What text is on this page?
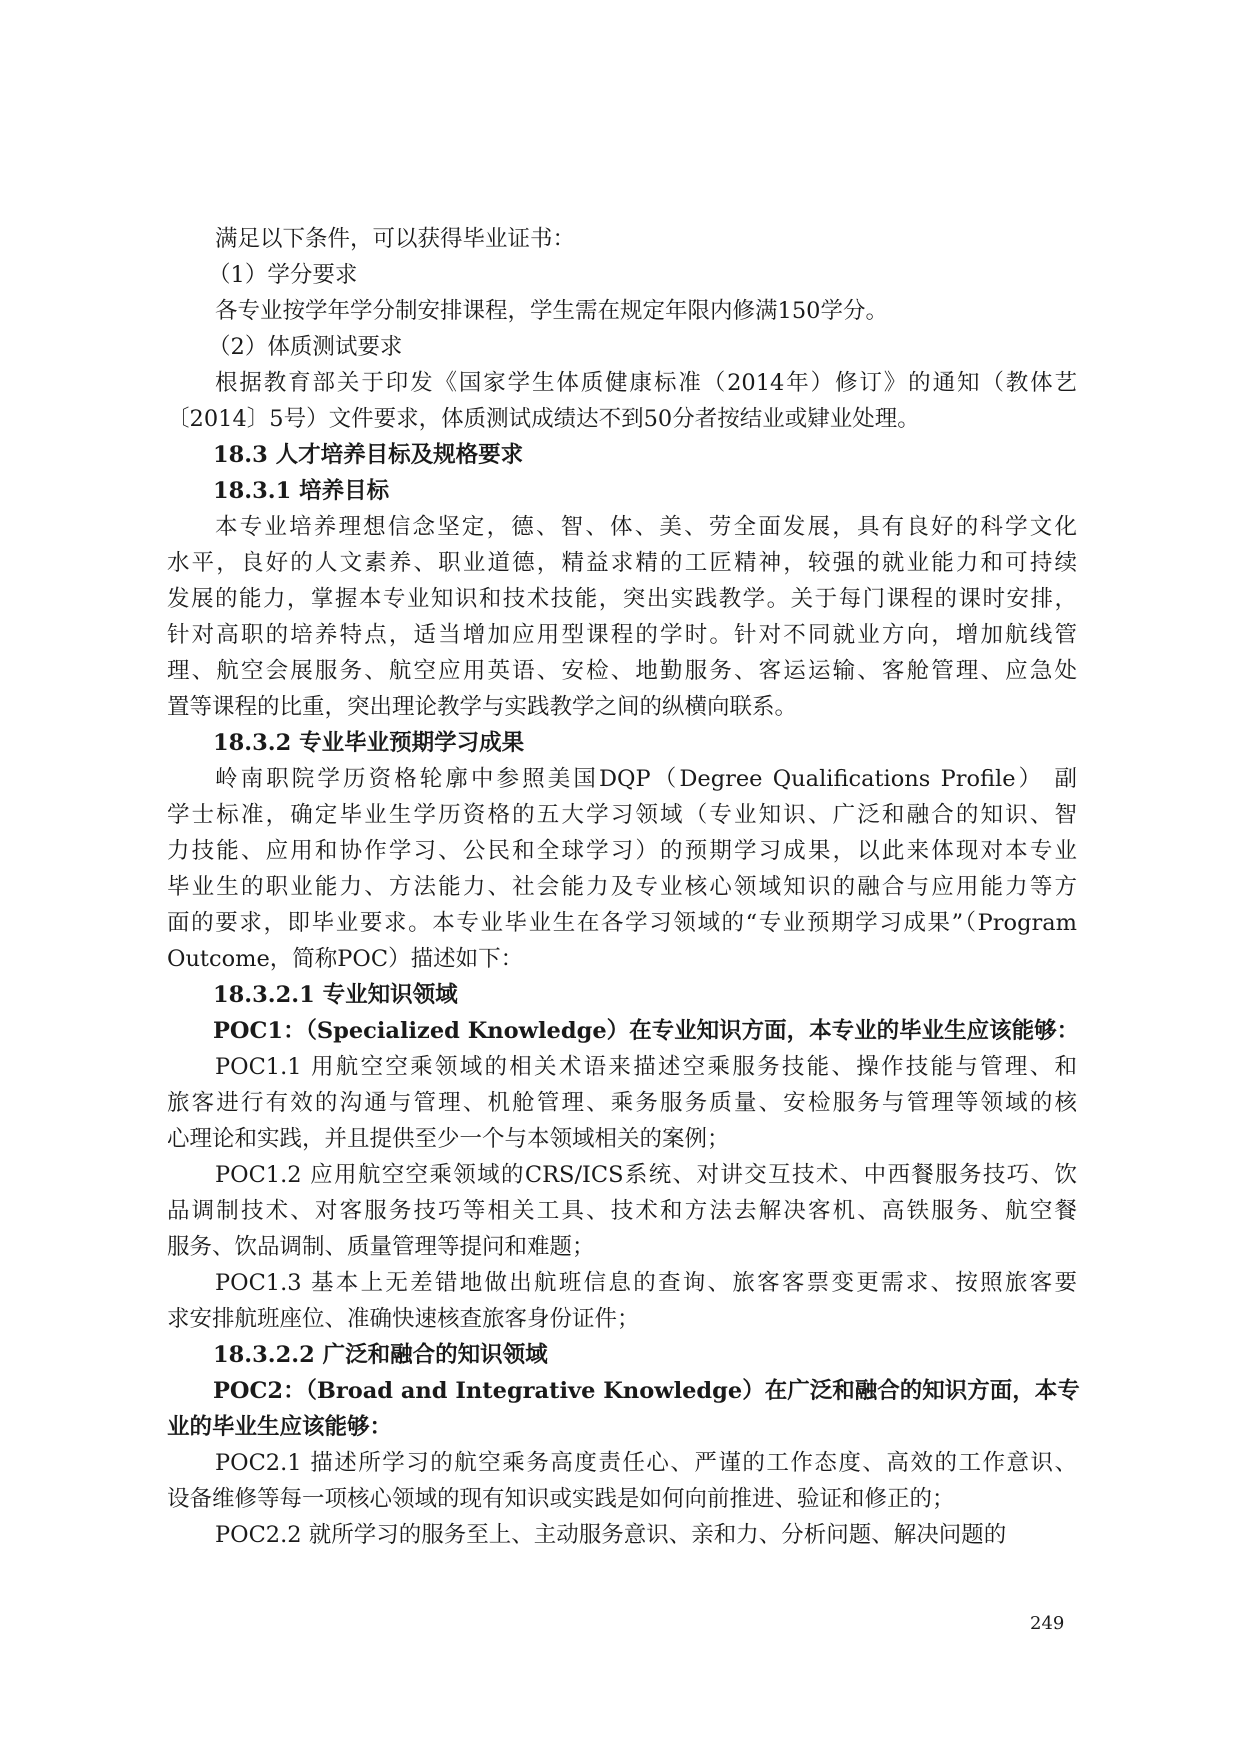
满足以下条件，可以获得毕业证书：
（1）学分要求
各专业按学年学分制安排课程，学生需在规定年限内修满150学分。
（2）体质测试要求
根据教育部关于印发《国家学生体质健康标准（2014年）修订》的通知（教体艺
〔2014〕5号）文件要求，体质测试成绩达不到50分者按结业或肄业处理。
18.3 人才培养目标及规格要求
18.3.1 培养目标
本专业培养理想信念坚定，德、智、体、美、劳全面发展，具有良好的科学文化
水平，良好的人文素养、职业道德，精益求精的工匠精神，较强的就业能力和可持续
发展的能力，掌握本专业知识和技术技能，突出实践教学。关于每门课程的课时安排，
针对高职的培养特点，适当增加应用型课程的学时。针对不同就业方向，增加航线管
理、航空会展服务、航空应用英语、安检、地勤服务、客运运输、客舱管理、应急处
置等课程的比重，突出理论教学与实践教学之间的纵横向联系。
18.3.2 专业毕业预期学习成果
岭南职院学历资格轮廓中参照美国DQP（Degree Qualifications Profile） 副
学士标准，确定毕业生学历资格的五大学习领域（专业知识、广泛和融合的知识、智
力技能、应用和协作学习、公民和全球学习）的预期学习成果，以此来体现对本专业
毕业生的职业能力、方法能力、社会能力及专业核心领域知识的融合与应用能力等方
面的要求，即毕业要求。本专业毕业生在各学习领域的“专业预期学习成果”（Program
Outcome，简称POC）描述如下：
18.3.2.1 专业知识领域
POC1：（Specialized Knowledge）在专业知识方面，本专业的毕业生应该能够：
POC1.1 用航空空乘领域的相关术语来描述空乘服务技能、操作技能与管理、和
旅客进行有效的沟通与管理、机舱管理、乘务服务质量、安检服务与管理等领域的核
心理论和实践，并且提供至少一个与本领域相关的案例；
POC1.2 应用航空空乘领域的CRS/ICS系统、对讲交互技术、中西餐服务技巧、饮
品调制技术、对客服务技巧等相关工具、技术和方法去解决客机、高铁服务、航空餐
服务、饮品调制、质量管理等提问和难题；
POC1.3 基本上无差错地做出航班信息的查询、旅客客票变更需求、按照旅客要
求安排航班座位、准确快速核查旅客身份证件；
18.3.2.2 广泛和融合的知识领域
POC2：（Broad and Integrative Knowledge）在广泛和融合的知识方面，本专
业的毕业生应该能够：
POC2.1 描述所学习的航空乘务高度责任心、严谨的工作态度、高效的工作意识、
设备维修等每一项核心领域的现有知识或实践是如何向前推进、验证和修正的；
POC2.2 就所学习的服务至上、主动服务意识、亲和力、分析问题、解决问题的
249
